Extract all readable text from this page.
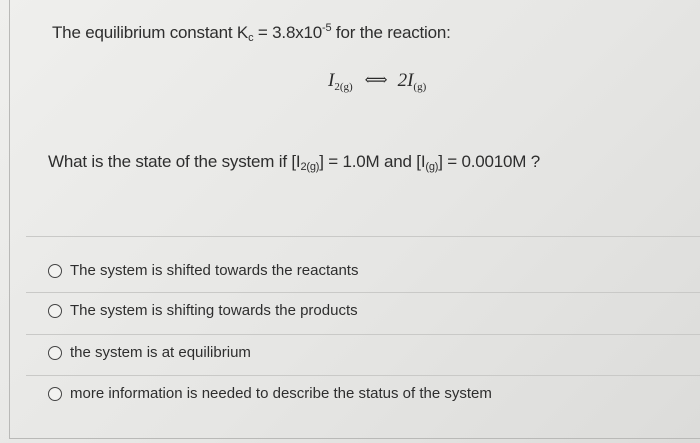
The equilibrium constant $K_c = 3.8x10^{-5}$ for the reaction:
$I_{2(g)}$ ⟺ $2I_{(g)}$
What is the state of the system if $[I_{2(g)}] = 1.0M$ and $[I_{(g)}] = 0.0010M$ ?
The system is shifted towards the reactants
The system is shifting towards the products
the system is at equilibrium
more information is needed to describe the status of the system
